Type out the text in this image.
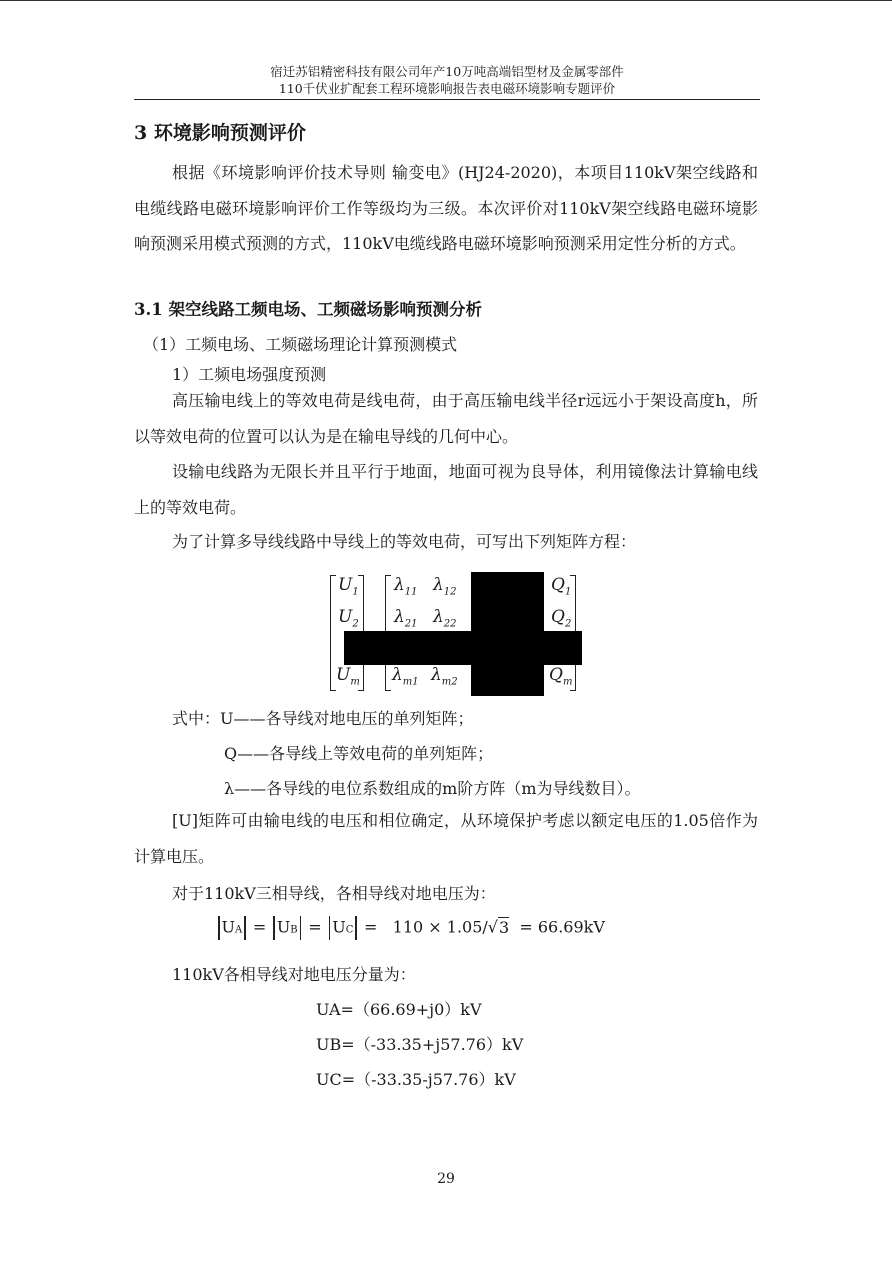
宿迁苏铝精密科技有限公司年产10万吨高端铝型材及金属零部件
110千伏业扩配套工程环境影响报告表电磁环境影响专题评价
3 环境影响预测评价
根据《环境影响评价技术导则 输变电》(HJ24-2020)，本项目110kV架空线路和电缆线路电磁环境影响评价工作等级均为三级。本次评价对110kV架空线路电磁环境影响预测采用模式预测的方式，110kV电缆线路电磁环境影响预测采用定性分析的方式。
3.1 架空线路工频电场、工频磁场影响预测分析
（1）工频电场、工频磁场理论计算预测模式
1）工频电场强度预测
高压输电线上的等效电荷是线电荷，由于高压输电线半径r远远小于架设高度h，所以等效电荷的位置可以认为是在输电导线的几何中心。
设输电线路为无限长并且平行于地面，地面可视为良导体，利用镜像法计算输电线上的等效电荷。
为了计算多导线线路中导线上的等效电荷，可写出下列矩阵方程：
$U_1$
$U_2$
$U_m$
$\lambda_{11}$ $\lambda_{12}$
$\lambda_{21}$ $\lambda_{22}$
$\lambda_{m1}$ $\lambda_{m2}$
$Q_1$
$Q_2$
$Q_m$
式中：U——各导线对地电压的单列矩阵；
Q——各导线上等效电荷的单列矩阵；
λ——各导线的电位系数组成的m阶方阵（m为导线数目）。
[U]矩阵可由输电线的电压和相位确定，从环境保护考虑以额定电压的1.05倍作为计算电压。
对于110kV三相导线，各相导线对地电压为：
UA = UB = UC = 110 × 1.05/√3 = 66.69kV
110kV各相导线对地电压分量为：
UA=（66.69+j0）kV
UB=（-33.35+j57.76）kV
UC=（-33.35-j57.76）kV
29
